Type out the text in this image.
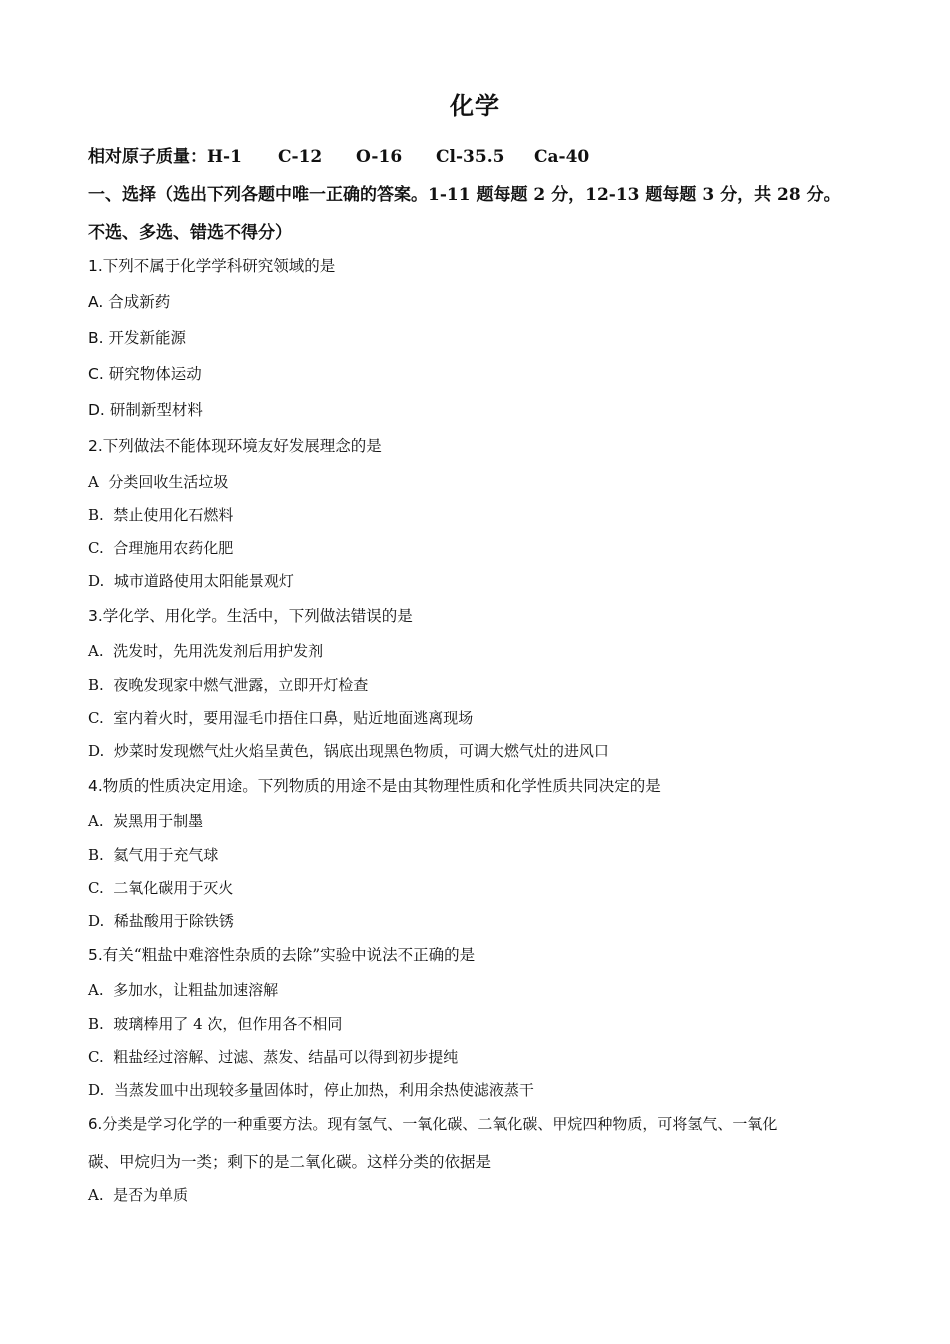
化学
相对原子质量：H-1 C-12 O-16 Cl-35.5 Ca-40
一、选择（选出下列各题中唯一正确的答案。1-11 题每题 2 分，12-13 题每题 3 分，共 28 分。
不选、多选、错选不得分）
1.下列不属于化学学科研究领域的是
A. 合成新药
B. 开发新能源
C. 研究物体运动
D. 研制新型材料
2.下列做法不能体现环境友好发展理念的是
A 分类回收生活垃圾
B. 禁止使用化石燃料
C. 合理施用农药化肥
D. 城市道路使用太阳能景观灯
3.学化学、用化学。生活中，下列做法错误的是
A. 洗发时，先用洗发剂后用护发剂
B. 夜晚发现家中燃气泄露，立即开灯检查
C. 室内着火时，要用湿毛巾捂住口鼻，贴近地面逃离现场
D. 炒菜时发现燃气灶火焰呈黄色，锅底出现黑色物质，可调大燃气灶的进风口
4.物质的性质决定用途。下列物质的用途不是由其物理性质和化学性质共同决定的是
A. 炭黑用于制墨
B. 氦气用于充气球
C. 二氧化碳用于灭火
D. 稀盐酸用于除铁锈
5.有关“粗盐中难溶性杂质的去除”实验中说法不正确的是
A. 多加水，让粗盐加速溶解
B. 玻璃棒用了 4 次，但作用各不相同
C. 粗盐经过溶解、过滤、蒸发、结晶可以得到初步提纯
D. 当蒸发皿中出现较多量固体时，停止加热，利用余热使滤液蒸干
6.分类是学习化学的一种重要方法。现有氢气、一氧化碳、二氧化碳、甲烷四种物质，可将氢气、一氧化
碳、甲烷归为一类；剩下的是二氧化碳。这样分类的依据是
A. 是否为单质
